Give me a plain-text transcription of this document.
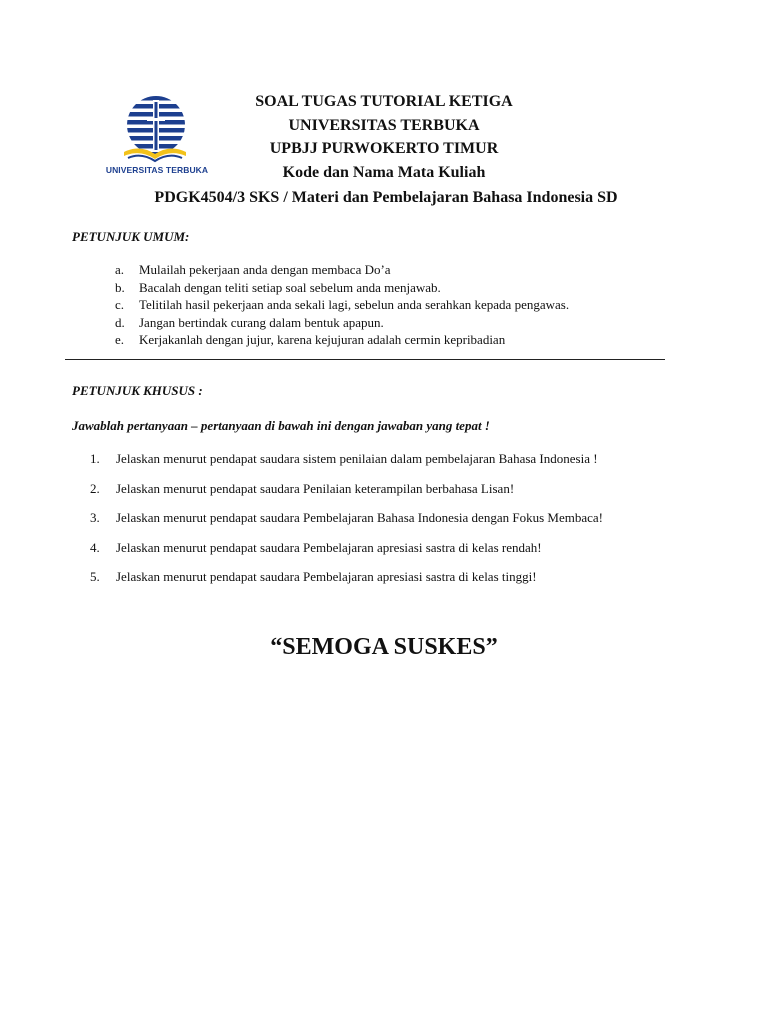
UNIVERSITAS TERBUKA
SOAL TUGAS TUTORIAL KETIGA
UNIVERSITAS TERBUKA
UPBJJ PURWOKERTO TIMUR
Kode dan Nama Mata Kuliah
PDGK4504/3 SKS / Materi dan Pembelajaran Bahasa Indonesia SD
PETUNJUK UMUM:
a.	Mulailah pekerjaan anda dengan membaca Do’a
b.	Bacalah dengan teliti setiap soal sebelum anda menjawab.
c.	Telitilah hasil pekerjaan anda sekali lagi, sebelun anda serahkan kepada pengawas.
d.	Jangan bertindak curang dalam bentuk apapun.
e.	Kerjakanlah dengan jujur, karena kejujuran adalah cermin kepribadian
PETUNJUK KHUSUS :
Jawablah pertanyaan – pertanyaan di bawah ini dengan jawaban yang tepat !
1.	Jelaskan menurut pendapat saudara sistem penilaian dalam pembelajaran Bahasa Indonesia !
2.	Jelaskan menurut pendapat saudara Penilaian keterampilan berbahasa Lisan!
3.	Jelaskan menurut pendapat saudara Pembelajaran Bahasa Indonesia dengan Fokus Membaca!
4.	Jelaskan menurut pendapat saudara Pembelajaran apresiasi sastra di kelas rendah!
5.	Jelaskan menurut pendapat saudara Pembelajaran apresiasi sastra di kelas tinggi!
“SEMOGA SUSKES”
